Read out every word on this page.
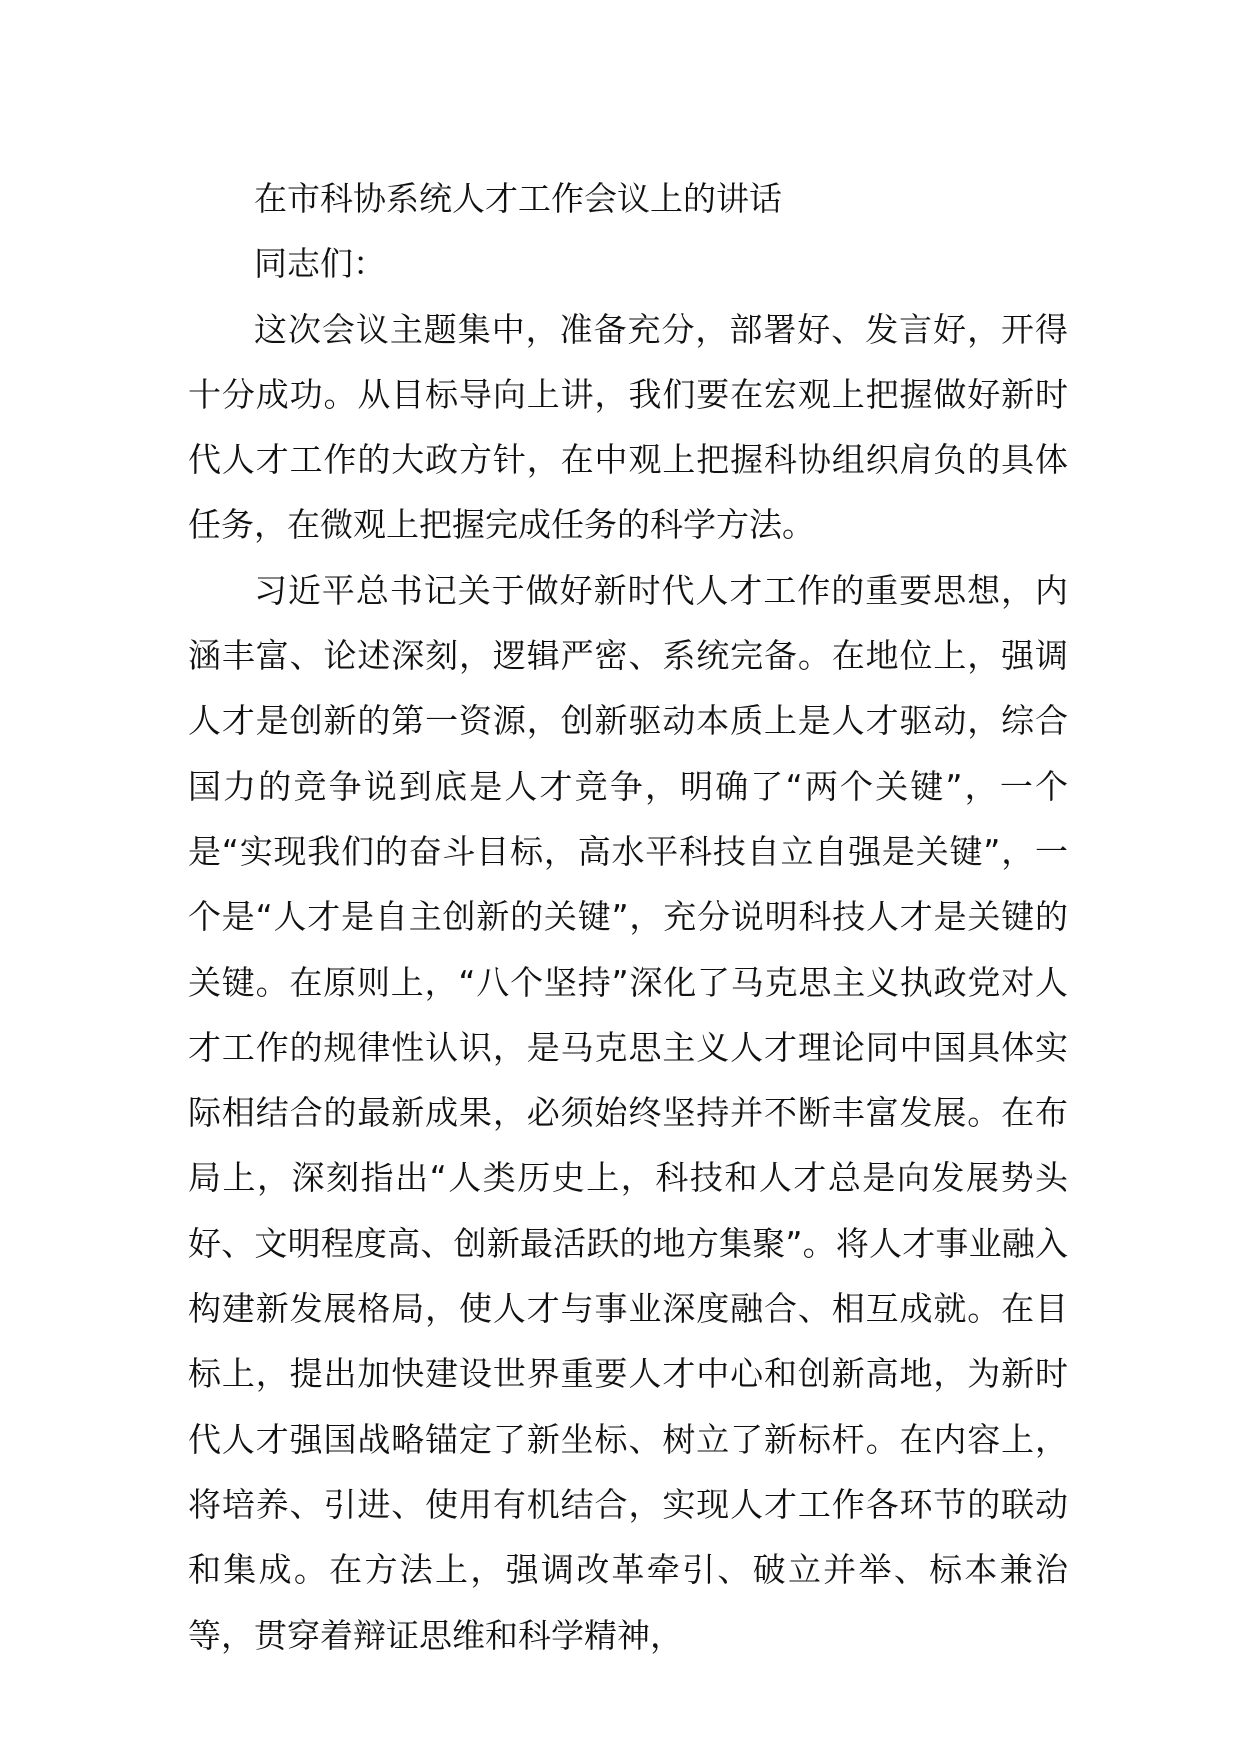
在市科协系统人才工作会议上的讲话

同志们：

这次会议主题集中，准备充分，部署好、发言好，开得十分成功。从目标导向上讲，我们要在宏观上把握做好新时代人才工作的大政方针，在中观上把握科协组织肩负的具体任务，在微观上把握完成任务的科学方法。

习近平总书记关于做好新时代人才工作的重要思想，内涵丰富、论述深刻，逻辑严密、系统完备。在地位上，强调人才是创新的第一资源，创新驱动本质上是人才驱动，综合国力的竞争说到底是人才竞争，明确了“两个关键”，一个是“实现我们的奋斗目标，高水平科技自立自强是关键”，一个是“人才是自主创新的关键”，充分说明科技人才是关键的关键。在原则上，“八个坚持”深化了马克思主义执政党对人才工作的规律性认识，是马克思主义人才理论同中国具体实际相结合的最新成果，必须始终坚持并不断丰富发展。在布局上，深刻指出“人类历史上，科技和人才总是向发展势头好、文明程度高、创新最活跃的地方集聚”。将人才事业融入构建新发展格局，使人才与事业深度融合、相互成就。在目标上，提出加快建设世界重要人才中心和创新高地，为新时代人才强国战略锚定了新坐标、树立了新标杆。在内容上，将培养、引进、使用有机结合，实现人才工作各环节的联动和集成。在方法上，强调改革牵引、破立并举、标本兼治等，贯穿着辩证思维和科学精神，
